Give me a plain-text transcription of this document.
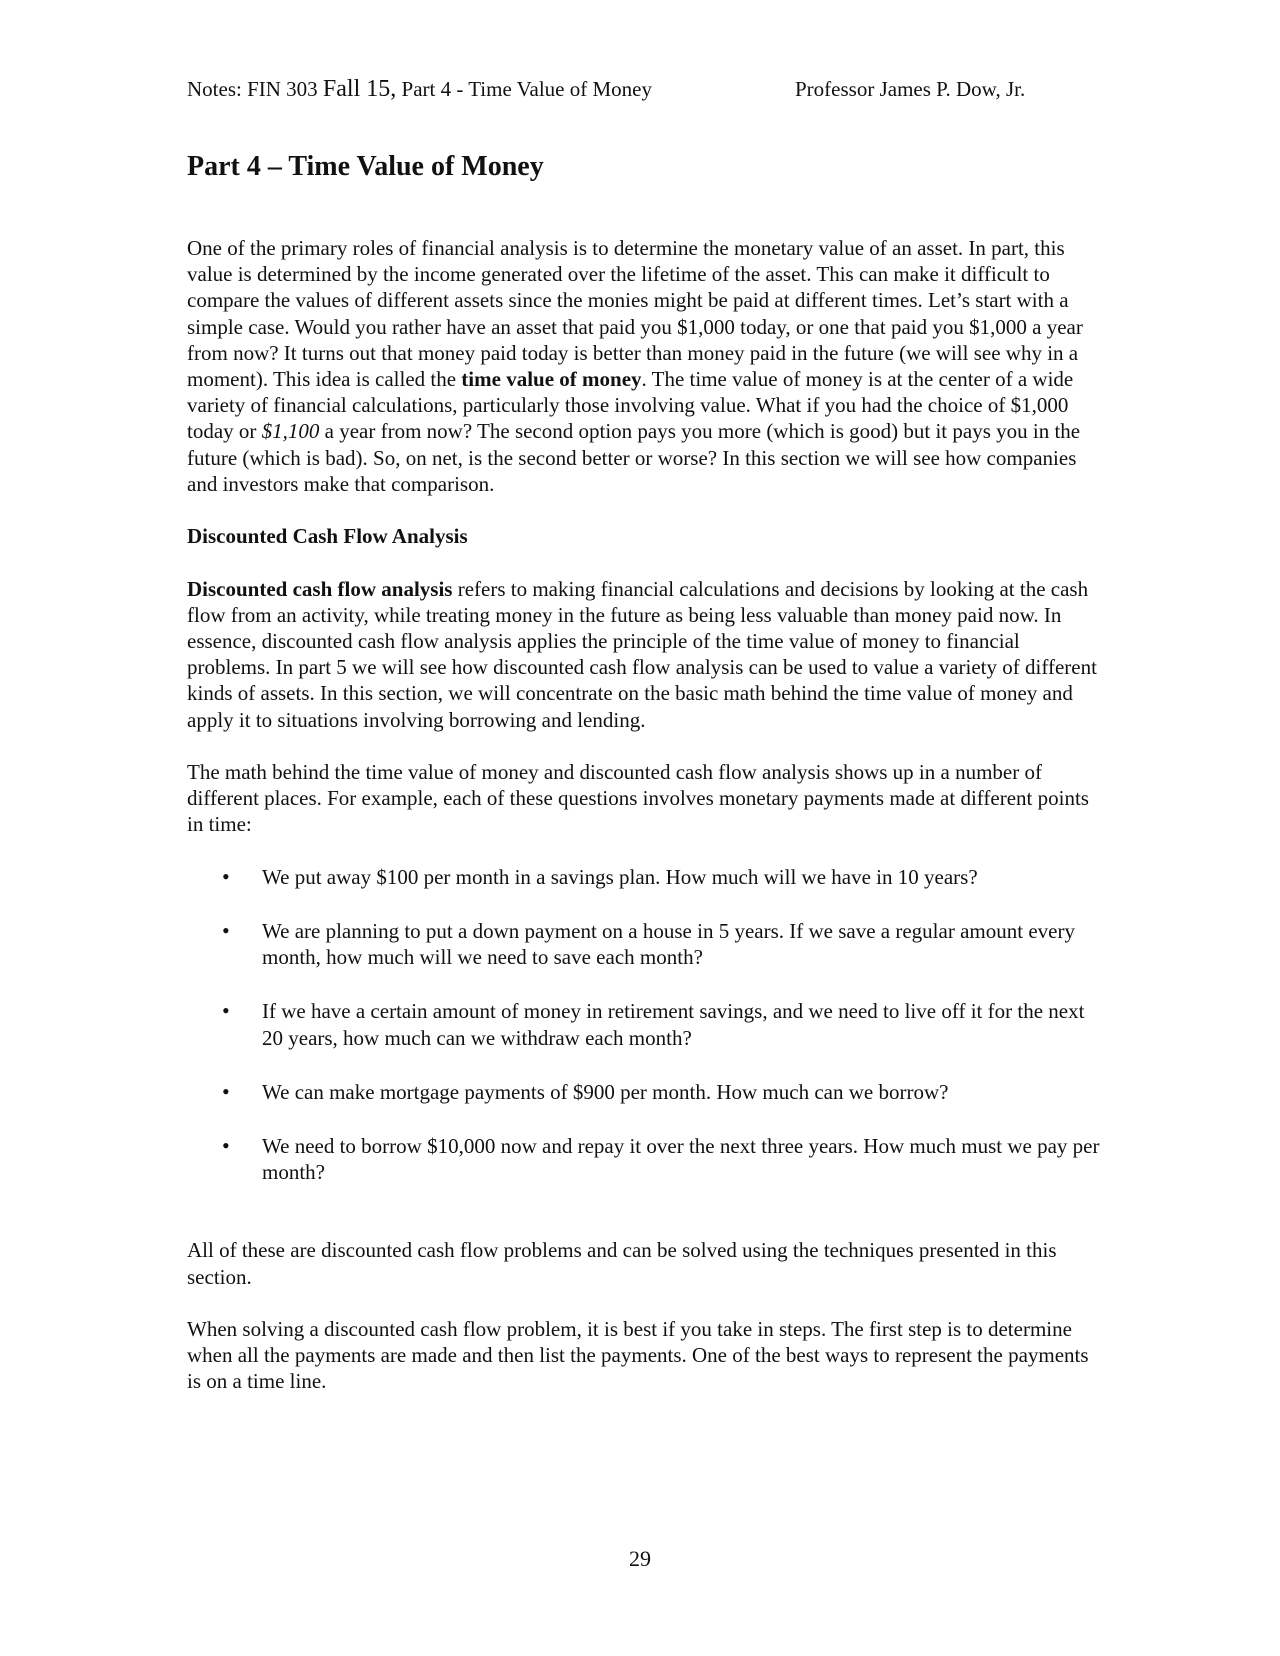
Notes: FIN 303 Fall 15, Part 4 - Time Value of Money	Professor James P. Dow, Jr.
Part 4 – Time Value of Money

One of the primary roles of financial analysis is to determine the monetary value of an asset. In part, this value is determined by the income generated over the lifetime of the asset. This can make it difficult to compare the values of different assets since the monies might be paid at different times. Let’s start with a simple case. Would you rather have an asset that paid you $1,000 today, or one that paid you $1,000 a year from now? It turns out that money paid today is better than money paid in the future (we will see why in a moment). This idea is called the time value of money. The time value of money is at the center of a wide variety of financial calculations, particularly those involving value. What if you had the choice of $1,000 today or $1,100 a year from now? The second option pays you more (which is good) but it pays you in the future (which is bad). So, on net, is the second better or worse? In this section we will see how companies and investors make that comparison.

Discounted Cash Flow Analysis

Discounted cash flow analysis refers to making financial calculations and decisions by looking at the cash flow from an activity, while treating money in the future as being less valuable than money paid now. In essence, discounted cash flow analysis applies the principle of the time value of money to financial problems. In part 5 we will see how discounted cash flow analysis can be used to value a variety of different kinds of assets. In this section, we will concentrate on the basic math behind the time value of money and apply it to situations involving borrowing and lending.

The math behind the time value of money and discounted cash flow analysis shows up in a number of different places. For example, each of these questions involves monetary payments made at different points in time:

• We put away $100 per month in a savings plan. How much will we have in 10 years?
• We are planning to put a down payment on a house in 5 years. If we save a regular amount every month, how much will we need to save each month?
• If we have a certain amount of money in retirement savings, and we need to live off it for the next 20 years, how much can we withdraw each month?
• We can make mortgage payments of $900 per month. How much can we borrow?
• We need to borrow $10,000 now and repay it over the next three years. How much must we pay per month?

All of these are discounted cash flow problems and can be solved using the techniques presented in this section.

When solving a discounted cash flow problem, it is best if you take in steps. The first step is to determine when all the payments are made and then list the payments. One of the best ways to represent the payments is on a time line.

29
